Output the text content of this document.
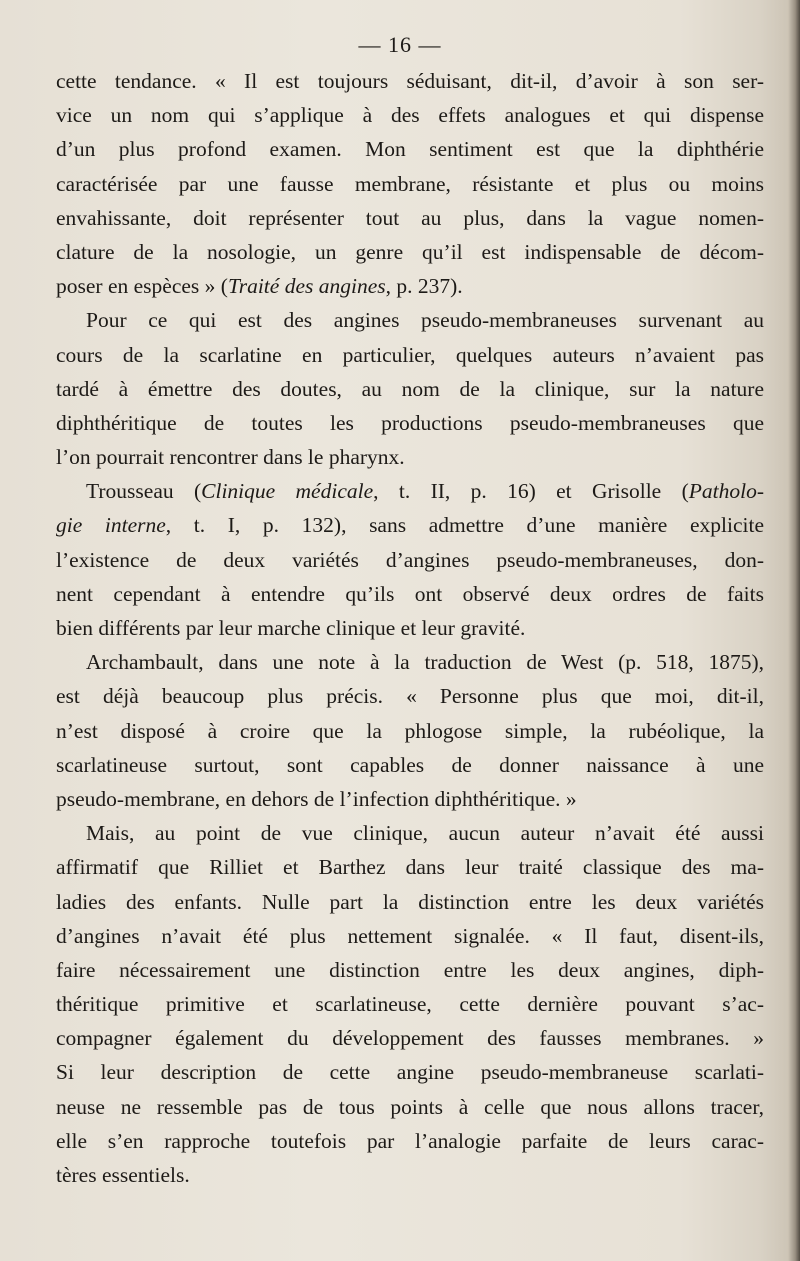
— 16 —
cette tendance. « Il est toujours séduisant, dit-il, d’avoir à son ser-
vice un nom qui s’applique à des effets analogues et qui dispense
d’un plus profond examen. Mon sentiment est que la diphthérie
caractérisée par une fausse membrane, résistante et plus ou moins
envahissante, doit représenter tout au plus, dans la vague nomen-
clature de la nosologie, un genre qu’il est indispensable de décom-
poser en espèces » (Traité des angines, p. 237).
Pour ce qui est des angines pseudo-membraneuses survenant au
cours de la scarlatine en particulier, quelques auteurs n’avaient pas
tardé à émettre des doutes, au nom de la clinique, sur la nature
diphthéritique de toutes les productions pseudo-membraneuses que
l’on pourrait rencontrer dans le pharynx.
Trousseau (Clinique médicale, t. II, p. 16) et Grisolle (Patholo-
gie interne, t. I, p. 132), sans admettre d’une manière explicite
l’existence de deux variétés d’angines pseudo-membraneuses, don-
nent cependant à entendre qu’ils ont observé deux ordres de faits
bien différents par leur marche clinique et leur gravité.
Archambault, dans une note à la traduction de West (p. 518, 1875),
est déjà beaucoup plus précis. « Personne plus que moi, dit-il,
n’est disposé à croire que la phlogose simple, la rubéolique, la
scarlatineuse surtout, sont capables de donner naissance à une
pseudo-membrane, en dehors de l’infection diphthéritique. »
Mais, au point de vue clinique, aucun auteur n’avait été aussi
affirmatif que Rilliet et Barthez dans leur traité classique des ma-
ladies des enfants. Nulle part la distinction entre les deux variétés
d’angines n’avait été plus nettement signalée. « Il faut, disent-ils,
faire nécessairement une distinction entre les deux angines, diph-
théritique primitive et scarlatineuse, cette dernière pouvant s’ac-
compagner également du développement des fausses membranes. »
Si leur description de cette angine pseudo-membraneuse scarlati-
neuse ne ressemble pas de tous points à celle que nous allons tracer,
elle s’en rapproche toutefois par l’analogie parfaite de leurs carac-
tères essentiels.
